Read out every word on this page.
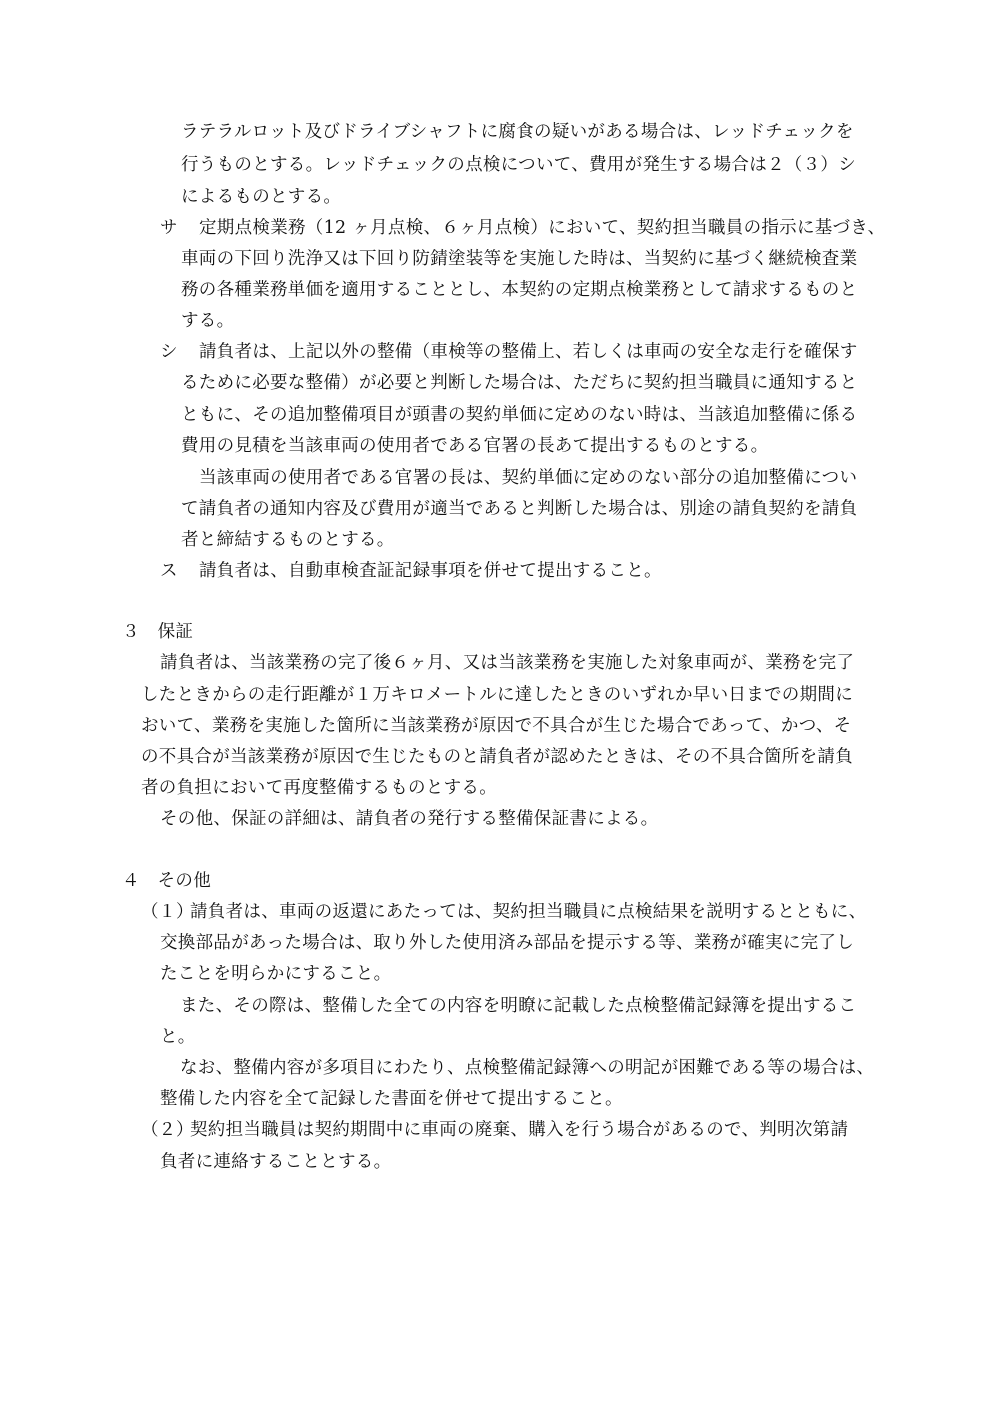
ラテラルロット及びドライブシャフトに腐食の疑いがある場合は、レッドチェックを
行うものとする。レッドチェックの点検について、費用が発生する場合は２（３）シ
によるものとする。
サ 定期点検業務（12 ヶ月点検、６ヶ月点検）において、契約担当職員の指示に基づき、
車両の下回り洗浄又は下回り防錆塗装等を実施した時は、当契約に基づく継続検査業
務の各種業務単価を適用することとし、本契約の定期点検業務として請求するものと
する。
シ 請負者は、上記以外の整備（車検等の整備上、若しくは車両の安全な走行を確保す
るために必要な整備）が必要と判断した場合は、ただちに契約担当職員に通知すると
ともに、その追加整備項目が頭書の契約単価に定めのない時は、当該追加整備に係る
費用の見積を当該車両の使用者である官署の長あて提出するものとする。
当該車両の使用者である官署の長は、契約単価に定めのない部分の追加整備につい
て請負者の通知内容及び費用が適当であると判断した場合は、別途の請負契約を請負
者と締結するものとする。
ス 請負者は、自動車検査証記録事項を併せて提出すること。
３　保証
請負者は、当該業務の完了後６ヶ月、又は当該業務を実施した対象車両が、業務を完了
したときからの走行距離が１万キロメートルに達したときのいずれか早い日までの期間に
おいて、業務を実施した箇所に当該業務が原因で不具合が生じた場合であって、かつ、そ
の不具合が当該業務が原因で生じたものと請負者が認めたときは、その不具合箇所を請負
者の負担において再度整備するものとする。
その他、保証の詳細は、請負者の発行する整備保証書による。
４　その他
（１）
請負者は、車両の返還にあたっては、契約担当職員に点検結果を説明するとともに、
交換部品があった場合は、取り外した使用済み部品を提示する等、業務が確実に完了し
たことを明らかにすること。
また、その際は、整備した全ての内容を明瞭に記載した点検整備記録簿を提出するこ
と。
なお、整備内容が多項目にわたり、点検整備記録簿への明記が困難である等の場合は、
整備した内容を全て記録した書面を併せて提出すること。
（２）
契約担当職員は契約期間中に車両の廃棄、購入を行う場合があるので、判明次第請
負者に連絡することとする。
